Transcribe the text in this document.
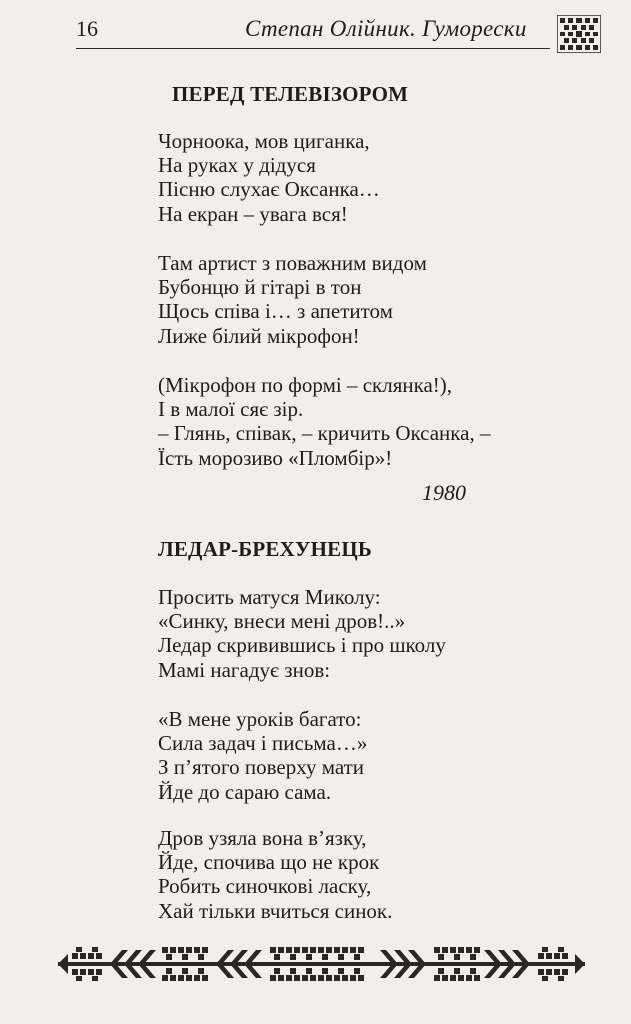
16	Степан Олійник. Гуморески
ПЕРЕД ТЕЛЕВІЗОРОМ
Чорноока, мов циганка,
На руках у дідуся
Пісню слухає Оксанка…
На екран – увага вся!
Там артист з поважним видом
Бубонцю й гітарі в тон
Щось співа і… з апетитом
Лиже білий мікрофон!
(Мікрофон по формі – склянка!),
І в малої сяє зір.
– Глянь, співак, – кричить Оксанка, –
Їсть морозиво «Пломбір»!
1980
ЛЕДАР-БРЕХУНЕЦЬ
Просить матуся Миколу:
«Синку, внеси мені дров!..»
Ледар скривившись і про школу
Мамі нагадує знов:
«В мене уроків багато:
Сила задач і письма…»
З п’ятого поверху мати
Йде до сараю сама.
Дров узяла вона в’язку,
Йде, спочива що не крок
Робить синочкові ласку,
Хай тільки вчиться синок.
